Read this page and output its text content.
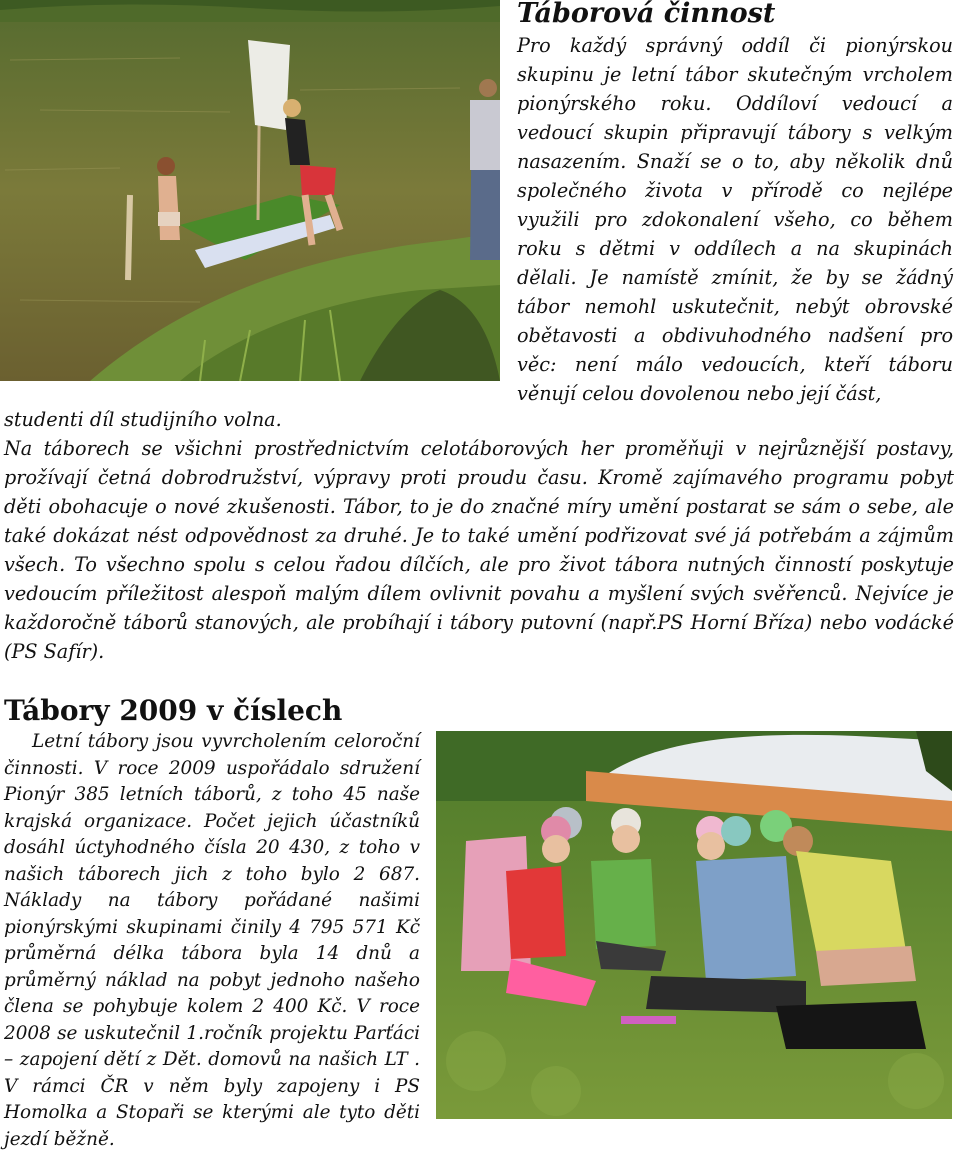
Táborová činnost

Pro každý správný oddíl či pionýrskou skupinu je letní tábor skutečným vrcholem pionýrského roku. Oddíloví vedoucí a vedoucí skupin připravují tábory s velkým nasazením. Snaží se o to, aby několik dnů společného života v přírodě co nejlépe využili pro zdokonalení všeho, co během roku s dětmi v oddílech a na skupinách dělali. Je namístě zmínit, že by se žádný tábor nemohl uskutečnit, nebýt obrovské obětavosti a obdivuhodného nadšení pro věc: není málo vedoucích, kteří táboru věnují celou dovolenou nebo její část,

studenti díl studijního volna.

Na táborech se všichni prostřednictvím celotáborových her proměňuji v nejrůznější postavy, prožívají četná dobrodružství, výpravy proti proudu času. Kromě zajímavého programu pobyt děti obohacuje o nové zkušenosti. Tábor, to je do značné míry umění postarat se sám o sebe, ale také dokázat nést odpovědnost za druhé. Je to také umění podřizovat své já potřebám a zájmům všech. To všechno spolu s celou řadou dílčích, ale pro život tábora nutných činností poskytuje vedoucím příležitost alespoň malým dílem ovlivnit povahu a myšlení svých svěřenců. Nejvíce je každoročně táborů stanových, ale probíhají i tábory putovní (např.PS Horní Bříza) nebo vodácké (PS Safír).

Tábory 2009 v číslech

Letní tábory jsou vyvrcholením celoroční činnosti. V roce 2009 uspořádalo sdružení Pionýr 385 letních táborů, z toho 45 naše krajská organizace. Počet jejich účastníků dosáhl úctyhodného čísla 20 430, z toho v našich táborech jich z toho bylo 2 687. Náklady na tábory pořádané našimi pionýrskými skupinami činily 4 795 571 Kč průměrná délka tábora byla 14 dnů a průměrný náklad na pobyt jednoho našeho člena se pohybuje kolem 2 400 Kč. V roce 2008 se uskutečnil 1.ročník projektu Parťáci – zapojení dětí z Dět. domovů na našich LT . V rámci ČR v něm byly zapojeny i PS Homolka a Stopaři se kterými ale tyto děti jezdí běžně.
